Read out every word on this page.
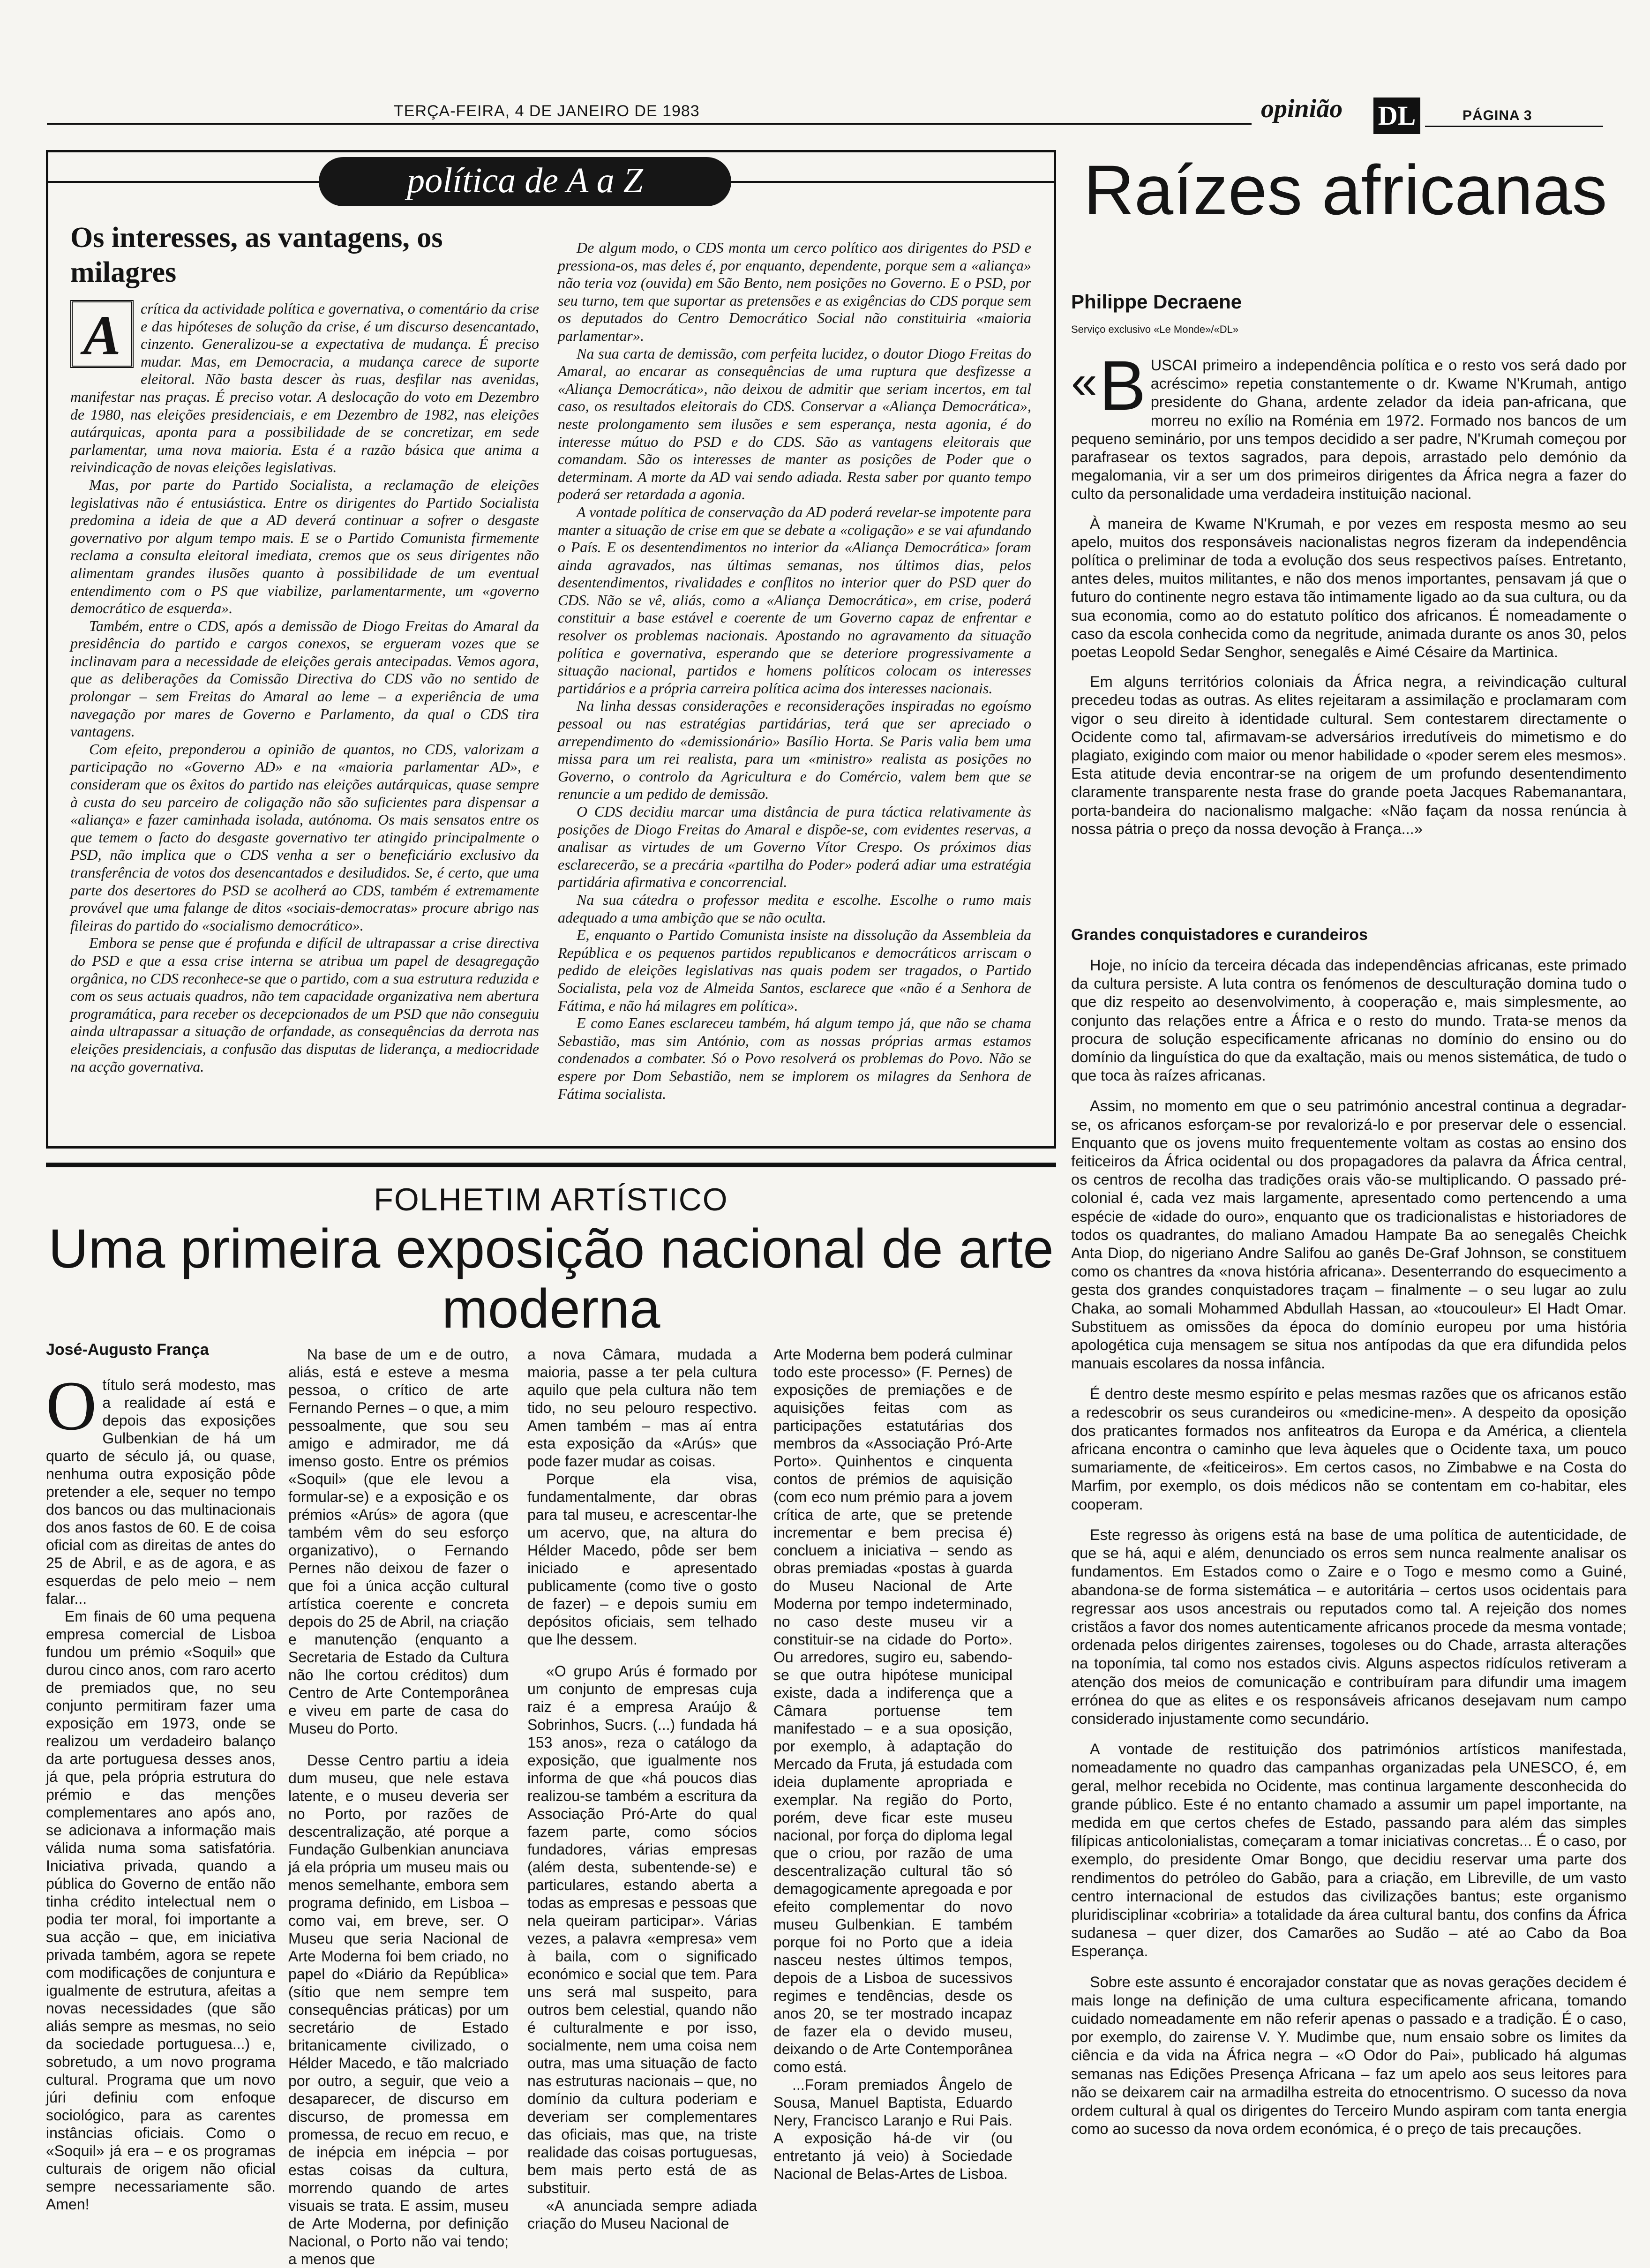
TERÇA-FEIRA, 4 DE JANEIRO DE 1983	opinião DL	PÁGINA 3
política de A a Z
Os interesses, as vantagens, os milagres
A	crítica da actividade política e governativa, o comentário da crise e das hipóteses de solução da crise, é um discurso desencantado, cinzento. Generalizou-se a expectativa de mudança. É preciso mudar. Mas, em Democracia, a mudança carece de suporte eleitoral. Não basta descer às ruas, desfilar nas avenidas, manifestar nas praças. É preciso votar. A deslocação do voto em Dezembro de 1980, nas eleições presidenciais, e em Dezembro de 1982, nas eleições autárquicas, aponta para a possibilidade de se concretizar, em sede parlamentar, uma nova maioria. Esta é a razão básica que anima a reivindicação de novas eleições legislativas.

Mas, por parte do Partido Socialista, a reclamação de eleições legislativas não é entusiástica. Entre os dirigentes do Partido Socialista predomina a ideia de que a AD deverá continuar a sofrer o desgaste governativo por algum tempo mais. E se o Partido Comunista firmemente reclama a consulta eleitoral imediata, cremos que os seus dirigentes não alimentam grandes ilusões quanto à possibilidade de um eventual entendimento com o PS que viabilize, parlamentarmente, um «governo democrático de esquerda».

Também, entre o CDS, após a demissão de Diogo Freitas do Amaral da presidência do partido e cargos conexos, se ergueram vozes que se inclinavam para a necessidade de eleições gerais antecipadas. Vemos agora, que as deliberações da Comissão Directiva do CDS vão no sentido de prolongar – sem Freitas do Amaral ao leme – a experiência de uma navegação por mares de Governo e Parlamento, da qual o CDS tira vantagens.

Com efeito, preponderou a opinião de quantos, no CDS, valorizam a participação no «Governo AD» e na «maioria parlamentar AD», e consideram que os êxitos do partido nas eleições autárquicas, quase sempre à custa do seu parceiro de coligação não são suficientes para dispensar a «aliança» e fazer caminhada isolada, autónoma. Os mais sensatos entre os que temem o facto do desgaste governativo ter atingido principalmente o PSD, não implica que o CDS venha a ser o beneficiário exclusivo da transferência de votos dos desencantados e desiludidos. Se, é certo, que uma parte dos desertores do PSD se acolherá ao CDS, também é extremamente provável que uma falange de ditos «sociais-democratas» procure abrigo nas fileiras do partido do «socialismo democrático».

Embora se pense que é profunda e difícil de ultrapassar a crise directiva do PSD e que a essa crise interna se atribua um papel de desagregação orgânica, no CDS reconhece-se que o partido, com a sua estrutura reduzida e com os seus actuais quadros, não tem capacidade organizativa nem abertura programática, para receber os decepcionados de um PSD que não conseguiu ainda ultrapassar a situação de orfandade, as consequências da derrota nas eleições presidenciais, a confusão das disputas de liderança, a mediocridade na acção governativa.

De algum modo, o CDS monta um cerco político aos dirigentes do PSD e pressiona-os, mas deles é, por enquanto, dependente, porque sem a «aliança» não teria voz (ouvida) em São Bento, nem posições no Governo. E o PSD, por seu turno, tem que suportar as pretensões e as exigências do CDS porque sem os deputados do Centro Democrático Social não constituiria «maioria parlamentar».

Na sua carta de demissão, com perfeita lucidez, o doutor Diogo Freitas do Amaral, ao encarar as consequências de uma ruptura que desfizesse a «Aliança Democrática», não deixou de admitir que seriam incertos, em tal caso, os resultados eleitorais do CDS. Conservar a «Aliança Democrática», neste prolongamento sem ilusões e sem esperança, nesta agonia, é do interesse mútuo do PSD e do CDS. São as vantagens eleitorais que comandam. São os interesses de manter as posições de Poder que o determinam. A morte da AD vai sendo adiada. Resta saber por quanto tempo poderá ser retardada a agonia.

A vontade política de conservação da AD poderá revelar-se impotente para manter a situação de crise em que se debate a «coligação» e se vai afundando o País. E os desentendimentos no interior da «Aliança Democrática» foram ainda agravados, nas últimas semanas, nos últimos dias, pelos desentendimentos, rivalidades e conflitos no interior quer do PSD quer do CDS. Não se vê, aliás, como a «Aliança Democrática», em crise, poderá constituir a base estável e coerente de um Governo capaz de enfrentar e resolver os problemas nacionais. Apostando no agravamento da situação política e governativa, esperando que se deteriore progressivamente a situação nacional, partidos e homens políticos colocam os interesses partidários e a própria carreira política acima dos interesses nacionais.

Na linha dessas considerações e reconsiderações inspiradas no egoísmo pessoal ou nas estratégias partidárias, terá que ser apreciado o arrependimento do «demissionário» Basílio Horta. Se Paris valia bem uma missa para um rei realista, para um «ministro» realista as posições no Governo, o controlo da Agricultura e do Comércio, valem bem que se renuncie a um pedido de demissão.

O CDS decidiu marcar uma distância de pura táctica relativamente às posições de Diogo Freitas do Amaral e dispõe-se, com evidentes reservas, a analisar as virtudes de um Governo Vítor Crespo. Os próximos dias esclarecerão, se a precária «partilha do Poder» poderá adiar uma estratégia partidária afirmativa e concorrencial.

Na sua cátedra o professor medita e escolhe. Escolhe o rumo mais adequado a uma ambição que se não oculta.

E, enquanto o Partido Comunista insiste na dissolução da Assembleia da República e os pequenos partidos republicanos e democráticos arriscam o pedido de eleições legislativas nas quais podem ser tragados, o Partido Socialista, pela voz de Almeida Santos, esclarece que «não é a Senhora de Fátima, e não há milagres em política».

E como Eanes esclareceu também, há algum tempo já, que não se chama Sebastião, mas sim António, com as nossas próprias armas estamos condenados a combater. Só o Povo resolverá os problemas do Povo. Não se espere por Dom Sebastião, nem se implorem os milagres da Senhora de Fátima socialista.

FOLHETIM ARTÍSTICO
Uma primeira exposição nacional de arte moderna
José-Augusto França
O título será modesto, mas a realidade aí está e depois das exposições Gulbenkian de há um quarto de século já, ou quase, nenhuma outra exposição pôde pretender a ele, sequer no tempo dos bancos ou das multinacionais dos anos fastos de 60. E de coisa oficial com as direitas de antes do 25 de Abril, e as de agora, e as esquerdas de pelo meio – nem falar...

Em finais de 60 uma pequena empresa comercial de Lisboa fundou um prémio «Soquil» que durou cinco anos, com raro acerto de premiados que, no seu conjunto permitiram fazer uma exposição em 1973, onde se realizou um verdadeiro balanço da arte portuguesa desses anos, já que, pela própria estrutura do prémio e das menções complementares ano após ano, se adicionava a informação mais válida numa soma satisfatória. Iniciativa privada, quando a pública do Governo de então não tinha crédito intelectual nem o podia ter moral, foi importante a sua acção – que, em iniciativa privada também, agora se repete com modificações de conjuntura e igualmente de estrutura, afeitas a novas necessidades (que são aliás sempre as mesmas, no seio da sociedade portuguesa...) e, sobretudo, a um novo programa cultural. Programa que um novo júri definiu com enfoque sociológico, para as carentes instâncias oficiais. Como o «Soquil» já era – e os programas culturais de origem não oficial sempre necessariamente são. Amen!

Na base de um e de outro, aliás, está e esteve a mesma pessoa, o crítico de arte Fernando Pernes – o que, a mim pessoalmente, que sou seu amigo e admirador, me dá imenso gosto. Entre os prémios «Soquil» (que ele levou a formular-se) e a exposição e os prémios «Arús» de agora (que também vêm do seu esforço organizativo), o Fernando Pernes não deixou de fazer o que foi a única acção cultural artística coerente e concreta depois do 25 de Abril, na criação e manutenção (enquanto a Secretaria de Estado da Cultura não lhe cortou créditos) dum Centro de Arte Contemporânea e viveu em parte de casa do Museu do Porto.

Desse Centro partiu a ideia dum museu, que nele estava latente, e o museu deveria ser no Porto, por razões de descentralização, até porque a Fundação Gulbenkian anunciava já ela própria um museu mais ou menos semelhante, embora sem programa definido, em Lisboa – como vai, em breve, ser. O Museu que seria Nacional de Arte Moderna foi bem criado, no papel do «Diário da República» (sítio que nem sempre tem consequências práticas) por um secretário de Estado britanicamente civilizado, o Hélder Macedo, e tão malcriado por outro, a seguir, que veio a desaparecer, de discurso em discurso, de promessa em promessa, de recuo em recuo, e de inépcia em inépcia – por estas coisas da cultura, morrendo quando de artes visuais se trata. E assim, museu de Arte Moderna, por definição Nacional, o Porto não vai tendo; a menos que

a nova Câmara, mudada a maioria, passe a ter pela cultura aquilo que pela cultura não tem tido, no seu pelouro respectivo. Amen também – mas aí entra esta exposição da «Arús» que pode fazer mudar as coisas.

Porque ela visa, fundamentalmente, dar obras para tal museu, e acrescentar-lhe um acervo, que, na altura do Hélder Macedo, pôde ser bem iniciado e apresentado publicamente (como tive o gosto de fazer) – e depois sumiu em depósitos oficiais, sem telhado que lhe dessem.

«O grupo Arús é formado por um conjunto de empresas cuja raiz é a empresa Araújo & Sobrinhos, Sucrs. (...) fundada há 153 anos», reza o catálogo da exposição, que igualmente nos informa de que «há poucos dias realizou-se também a escritura da Associação Pró-Arte do qual fazem parte, como sócios fundadores, várias empresas (além desta, subentende-se) e particulares, estando aberta a todas as empresas e pessoas que nela queiram participar». Várias vezes, a palavra «empresa» vem à baila, com o significado económico e social que tem. Para uns será mal suspeito, para outros bem celestial, quando não é culturalmente e por isso, socialmente, nem uma coisa nem outra, mas uma situação de facto nas estruturas nacionais – que, no domínio da cultura poderiam e deveriam ser complementares das oficiais, mas que, na triste realidade das coisas portuguesas, bem mais perto está de as substituir.

«A anunciada sempre adiada criação do Museu Nacional de

Arte Moderna bem poderá culminar todo este processo» (F. Pernes) de exposições de premiações e de aquisições feitas com as participações estatutárias dos membros da «Associação Pró-Arte Porto». Quinhentos e cinquenta contos de prémios de aquisição (com eco num prémio para a jovem crítica de arte, que se pretende incrementar e bem precisa é) concluem a iniciativa – sendo as obras premiadas «postas à guarda do Museu Nacional de Arte Moderna por tempo indeterminado, no caso deste museu vir a constituir-se na cidade do Porto». Ou arredores, sugiro eu, sabendo-se que outra hipótese municipal existe, dada a indiferença que a Câmara portuense tem manifestado – e a sua oposição, por exemplo, à adaptação do Mercado da Fruta, já estudada com ideia duplamente apropriada e exemplar. Na região do Porto, porém, deve ficar este museu nacional, por força do diploma legal que o criou, por razão de uma descentralização cultural tão só demagogicamente apregoada e por efeito complementar do novo museu Gulbenkian. E também porque foi no Porto que a ideia nasceu nestes últimos tempos, depois de a Lisboa de sucessivos regimes e tendências, desde os anos 20, se ter mostrado incapaz de fazer ela o devido museu, deixando o de Arte Contemporânea como está.

...Foram premiados Ângelo de Sousa, Manuel Baptista, Eduardo Nery, Francisco Laranjo e Rui Pais. A exposição há-de vir (ou entretanto já veio) à Sociedade Nacional de Belas-Artes de Lisboa.

Raízes africanas
Philippe Decraene
Serviço exclusivo «Le Monde»/«DL»
« B USCAI primeiro a independência política e o resto vos será dado por acréscimo» repetia constantemente o dr. Kwame N'Krumah, antigo presidente do Ghana, ardente zelador da ideia pan-africana, que morreu no exílio na Roménia em 1972. Formado nos bancos de um pequeno seminário, por uns tempos decidido a ser padre, N'Krumah começou por parafrasear os textos sagrados, para depois, arrastado pelo demónio da megalomania, vir a ser um dos primeiros dirigentes da África negra a fazer do culto da personalidade uma verdadeira instituição nacional.

À maneira de Kwame N'Krumah, e por vezes em resposta mesmo ao seu apelo, muitos dos responsáveis nacionalistas negros fizeram da independência política o preliminar de toda a evolução dos seus respectivos países. Entretanto, antes deles, muitos militantes, e não dos menos importantes, pensavam já que o futuro do continente negro estava tão intimamente ligado ao da sua cultura, ou da sua economia, como ao do estatuto político dos africanos. É nomeadamente o caso da escola conhecida como da negritude, animada durante os anos 30, pelos poetas Leopold Sedar Senghor, senegalês e Aimé Césaire da Martinica.

Em alguns territórios coloniais da África negra, a reivindicação cultural precedeu todas as outras. As elites rejeitaram a assimilação e proclamaram com vigor o seu direito à identidade cultural. Sem contestarem directamente o Ocidente como tal, afirmavam-se adversários irredutíveis do mimetismo e do plagiato, exigindo com maior ou menor habilidade o «poder serem eles mesmos». Esta atitude devia encontrar-se na origem de um profundo desentendimento claramente transparente nesta frase do grande poeta Jacques Rabemanantara, porta-bandeira do nacionalismo malgache: «Não façam da nossa renúncia à nossa pátria o preço da nossa devoção à França...»

Grandes conquistadores e curandeiros

Hoje, no início da terceira década das independências africanas, este primado da cultura persiste. A luta contra os fenómenos de desculturação domina tudo o que diz respeito ao desenvolvimento, à cooperação e, mais simplesmente, ao conjunto das relações entre a África e o resto do mundo. Trata-se menos da procura de solução especificamente africanas no domínio do ensino ou do domínio da linguística do que da exaltação, mais ou menos sistemática, de tudo o que toca às raízes africanas.

Assim, no momento em que o seu património ancestral continua a degradar-se, os africanos esforçam-se por revalorizá-lo e por preservar dele o essencial. Enquanto que os jovens muito frequentemente voltam as costas ao ensino dos feiticeiros da África ocidental ou dos propagadores da palavra da África central, os centros de recolha das tradições orais vão-se multiplicando. O passado pré-colonial é, cada vez mais largamente, apresentado como pertencendo a uma espécie de «idade do ouro», enquanto que os tradicionalistas e historiadores de todos os quadrantes, do maliano Amadou Hampate Ba ao senegalês Cheichk Anta Diop, do nigeriano Andre Salifou ao ganês De-Graf Johnson, se constituem como os chantres da «nova história africana». Desenterrando do esquecimento a gesta dos grandes conquistadores traçam – finalmente – o seu lugar ao zulu Chaka, ao somali Mohammed Abdullah Hassan, ao «toucouleur» El Hadt Omar. Substituem as omissões da época do domínio europeu por uma história apologética cuja mensagem se situa nos antípodas da que era difundida pelos manuais escolares da nossa infância.

É dentro deste mesmo espírito e pelas mesmas razões que os africanos estão a redescobrir os seus curandeiros ou «medicine-men». A despeito da oposição dos praticantes formados nos anfiteatros da Europa e da América, a clientela africana encontra o caminho que leva àqueles que o Ocidente taxa, um pouco sumariamente, de «feiticeiros». Em certos casos, no Zimbabwe e na Costa do Marfim, por exemplo, os dois médicos não se contentam em co-habitar, eles cooperam.

Este regresso às origens está na base de uma política de autenticidade, de que se há, aqui e além, denunciado os erros sem nunca realmente analisar os fundamentos. Em Estados como o Zaire e o Togo e mesmo como a Guiné, abandona-se de forma sistemática – e autoritária – certos usos ocidentais para regressar aos usos ancestrais ou reputados como tal. A rejeição dos nomes cristãos a favor dos nomes autenticamente africanos procede da mesma vontade; ordenada pelos dirigentes zairenses, togoleses ou do Chade, arrasta alterações na toponímia, tal como nos estados civis. Alguns aspectos ridículos retiveram a atenção dos meios de comunicação e contribuíram para difundir uma imagem errónea do que as elites e os responsáveis africanos desejavam num campo considerado injustamente como secundário.

A vontade de restituição dos patrimónios artísticos manifestada, nomeadamente no quadro das campanhas organizadas pela UNESCO, é, em geral, melhor recebida no Ocidente, mas continua largamente desconhecida do grande público. Este é no entanto chamado a assumir um papel importante, na medida em que certos chefes de Estado, passando para além das simples filípicas anticolonialistas, começaram a tomar iniciativas concretas... É o caso, por exemplo, do presidente Omar Bongo, que decidiu reservar uma parte dos rendimentos do petróleo do Gabão, para a criação, em Libreville, de um vasto centro internacional de estudos das civilizações bantus; este organismo pluridisciplinar «cobriria» a totalidade da área cultural bantu, dos confins da África sudanesa – quer dizer, dos Camarões ao Sudão – até ao Cabo da Boa Esperança.

Sobre este assunto é encorajador constatar que as novas gerações decidem é mais longe na definição de uma cultura especificamente africana, tomando cuidado nomeadamente em não referir apenas o passado e a tradição. É o caso, por exemplo, do zairense V. Y. Mudimbe que, num ensaio sobre os limites da ciência e da vida na África negra – «O Odor do Pai», publicado há algumas semanas nas Edições Presença Africana – faz um apelo aos seus leitores para não se deixarem cair na armadilha estreita do etnocentrismo. O sucesso da nova ordem cultural à qual os dirigentes do Terceiro Mundo aspiram com tanta energia como ao sucesso da nova ordem económica, é o preço de tais precauções.
